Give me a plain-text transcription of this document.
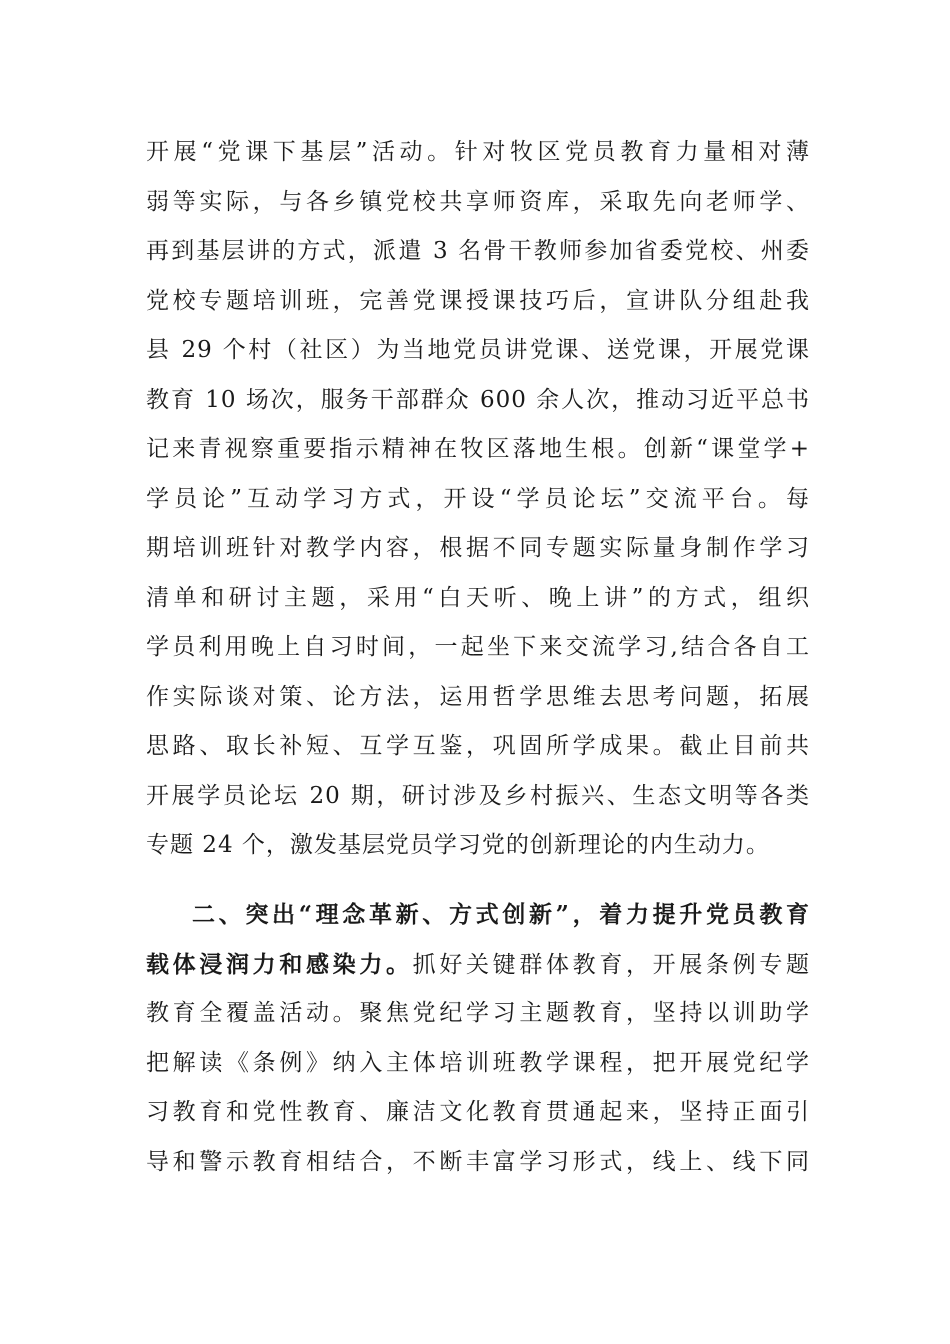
开展“党课下基层”活动。针对牧区党员教育力量相对薄
弱等实际，与各乡镇党校共享师资库，采取先向老师学、
再到基层讲的方式，派遣 3 名骨干教师参加省委党校、州委
党校专题培训班，完善党课授课技巧后，宣讲队分组赴我
县 29 个村（社区）为当地党员讲党课、送党课，开展党课
教育 10 场次，服务干部群众 600 余人次，推动习近平总书
记来青视察重要指示精神在牧区落地生根。创新“课堂学+
学员论”互动学习方式，开设“学员论坛”交流平台。每
期培训班针对教学内容，根据不同专题实际量身制作学习
清单和研讨主题，采用“白天听、晚上讲”的方式，组织
学员利用晚上自习时间，一起坐下来交流学习,结合各自工
作实际谈对策、论方法，运用哲学思维去思考问题，拓展
思路、取长补短、互学互鉴，巩固所学成果。截止目前共
开展学员论坛 20 期，研讨涉及乡村振兴、生态文明等各类
专题 24 个，激发基层党员学习党的创新理论的内生动力。
二、突出“理念革新、方式创新”，着力提升党员教育
载体浸润力和感染力。抓好关键群体教育，开展条例专题
教育全覆盖活动。聚焦党纪学习主题教育，坚持以训助学
把解读《条例》纳入主体培训班教学课程，把开展党纪学
习教育和党性教育、廉洁文化教育贯通起来，坚持正面引
导和警示教育相结合，不断丰富学习形式，线上、线下同
